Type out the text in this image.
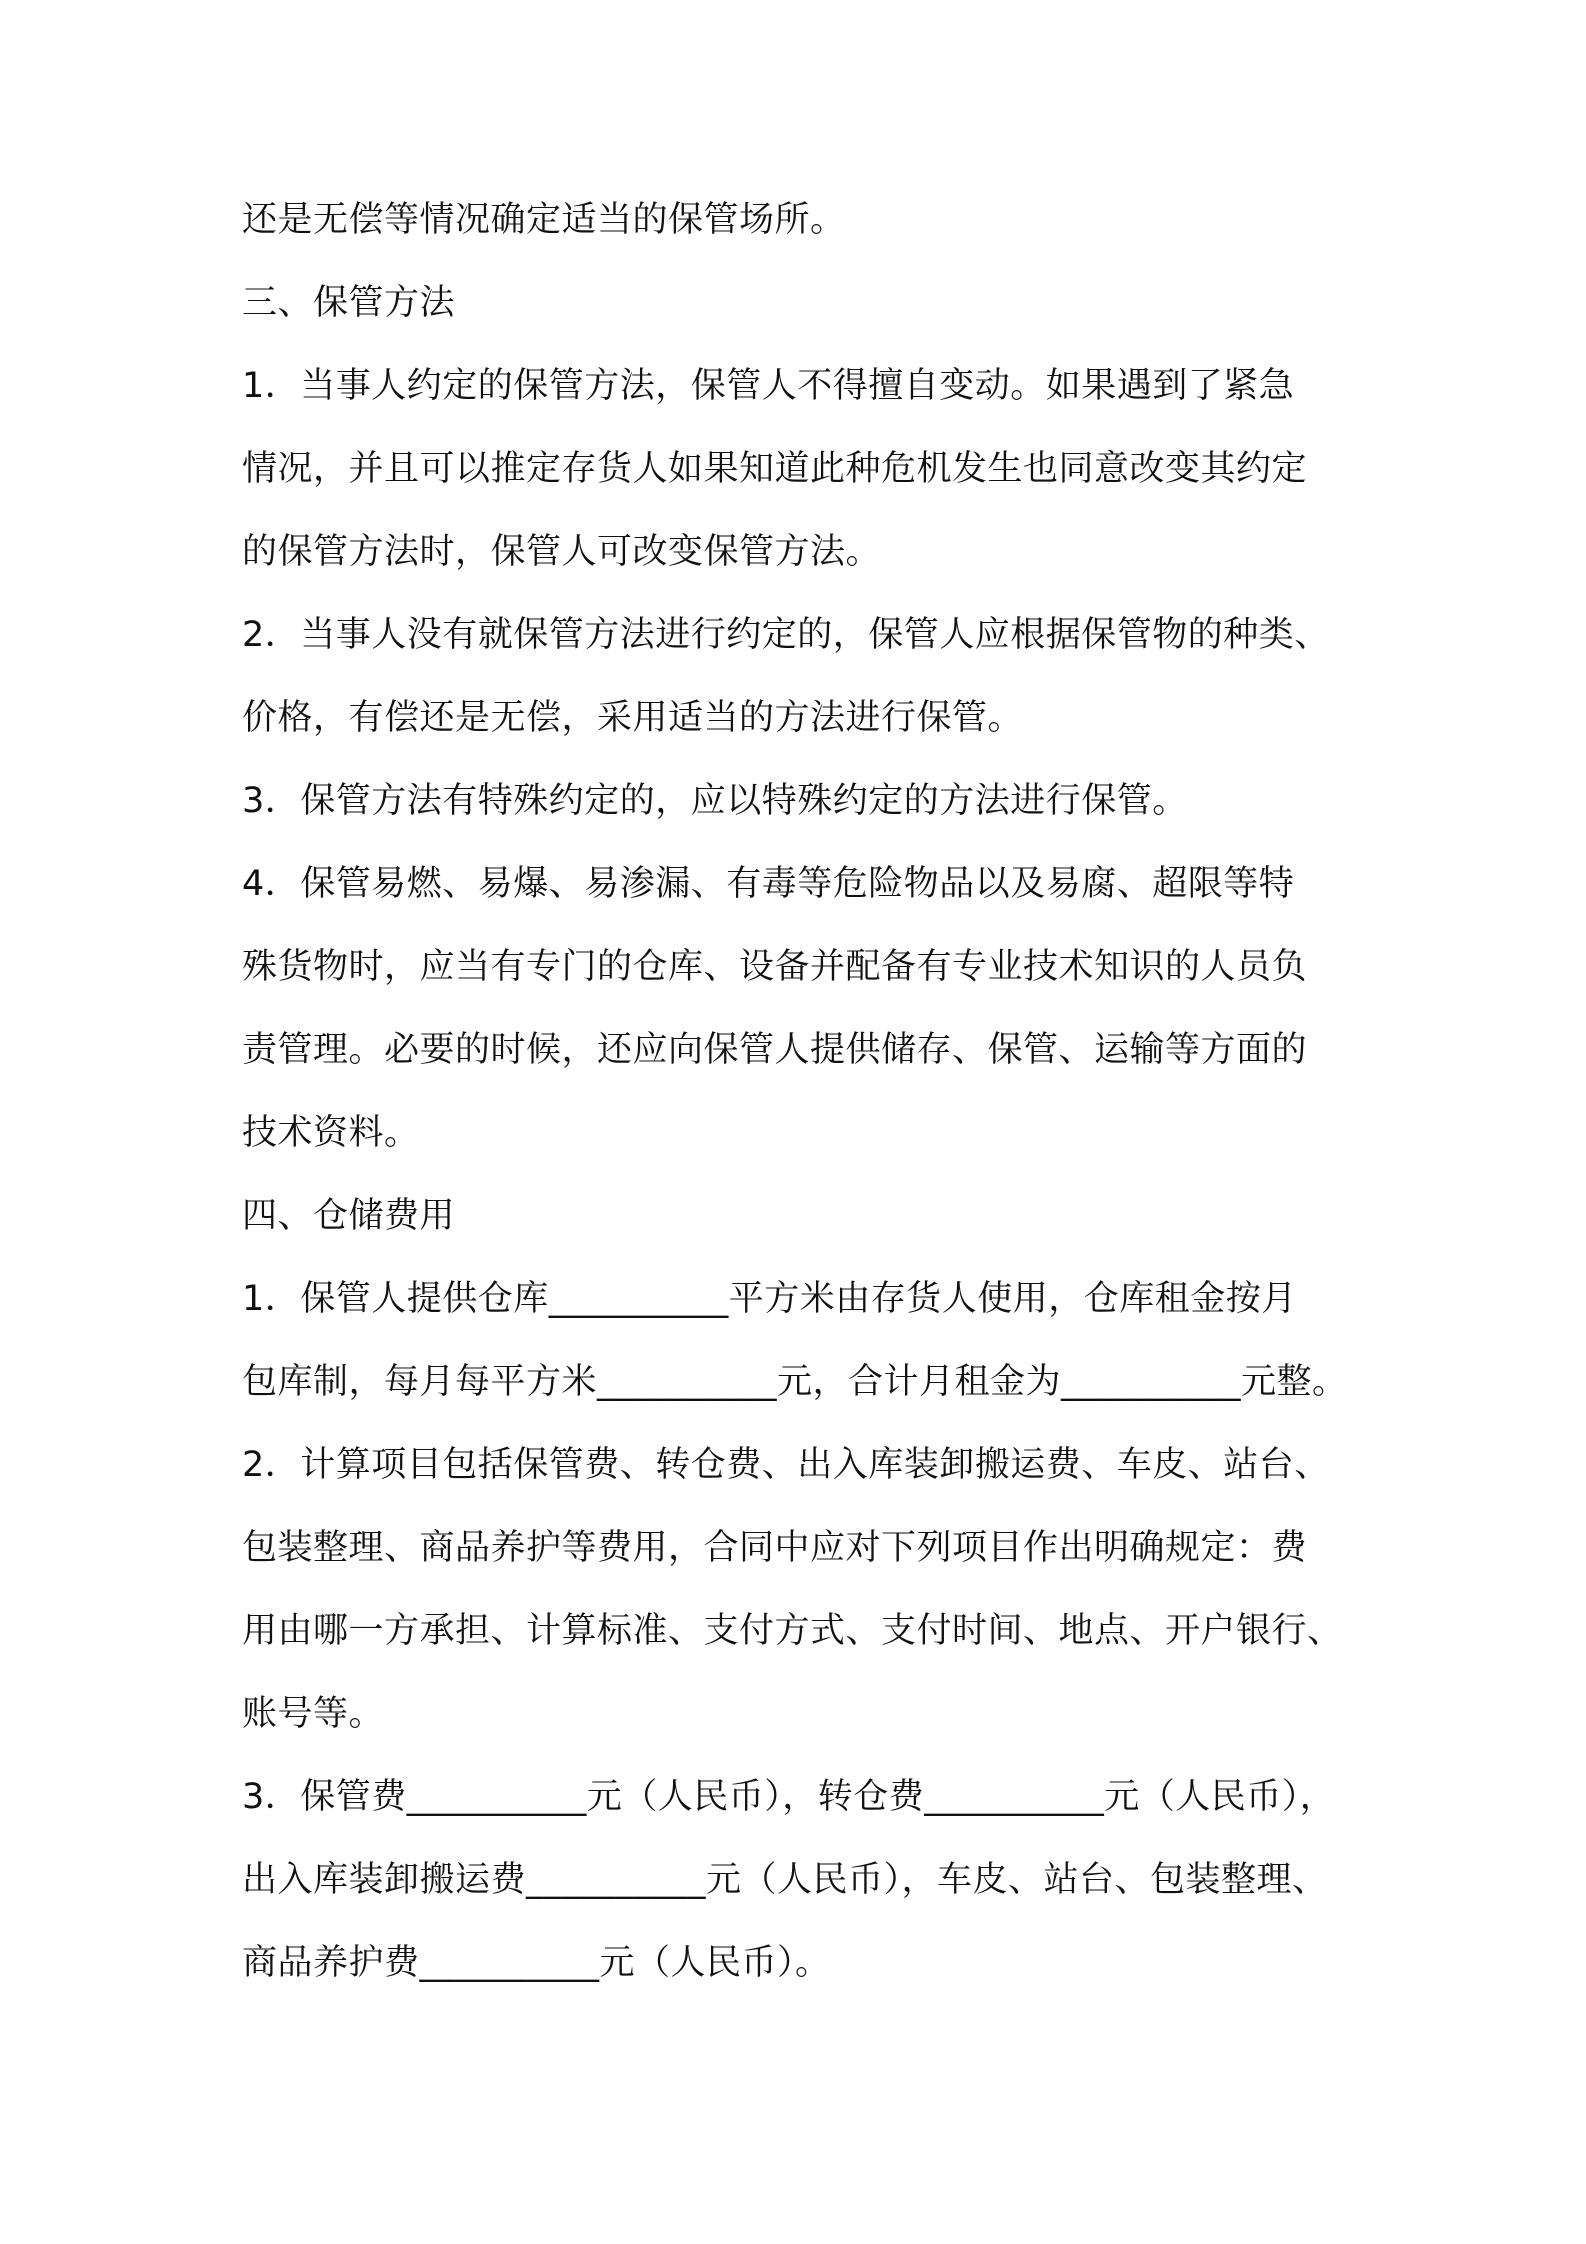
还是无偿等情况确定适当的保管场所。

三、保管方法

1．当事人约定的保管方法，保管人不得擅自变动。如果遇到了紧急

情况，并且可以推定存货人如果知道此种危机发生也同意改变其约定

的保管方法时，保管人可改变保管方法。

2．当事人没有就保管方法进行约定的，保管人应根据保管物的种类、

价格，有偿还是无偿，采用适当的方法进行保管。

3．保管方法有特殊约定的，应以特殊约定的方法进行保管。

4．保管易燃、易爆、易渗漏、有毒等危险物品以及易腐、超限等特

殊货物时，应当有专门的仓库、设备并配备有专业技术知识的人员负

责管理。必要的时候，还应向保管人提供储存、保管、运输等方面的

技术资料。

四、仓储费用

1．保管人提供仓库__________平方米由存货人使用，仓库租金按月

包库制，每月每平方米__________元，合计月租金为__________元整。

2．计算项目包括保管费、转仓费、出入库装卸搬运费、车皮、站台、

包装整理、商品养护等费用，合同中应对下列项目作出明确规定：费

用由哪一方承担、计算标准、支付方式、支付时间、地点、开户银行、

账号等。

3．保管费__________元（人民币），转仓费__________元（人民币），

出入库装卸搬运费__________元（人民币），车皮、站台、包装整理、

商品养护费__________元（人民币）。
